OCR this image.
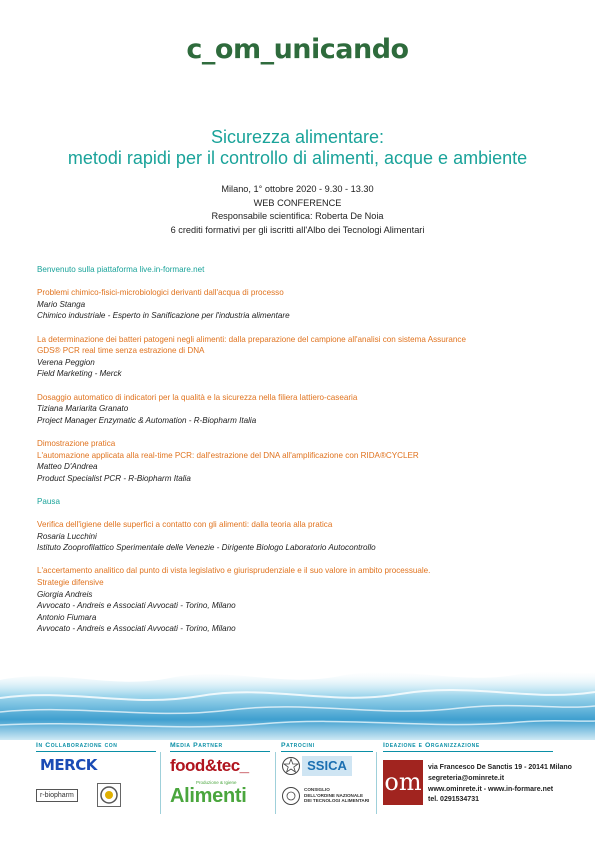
c_om_unicando
Sicurezza alimentare:
metodi rapidi per il controllo di alimenti, acque e ambiente
Milano, 1° ottobre 2020 - 9.30 - 13.30
WEB CONFERENCE
Responsabile scientifica: Roberta De Noia
6 crediti formativi per gli iscritti all'Albo dei Tecnologi Alimentari
Benvenuto sulla piattaforma live.in-formare.net
Problemi chimico-fisici-microbiologici derivanti dall'acqua di processo
Mario Stanga
Chimico industriale - Esperto in Sanificazione per l'industria alimentare
La determinazione dei batteri patogeni negli alimenti: dalla preparazione del campione all'analisi con sistema Assurance
GDS® PCR real time senza estrazione di DNA
Verena Peggion
Field Marketing - Merck
Dosaggio automatico di indicatori per la qualità e la sicurezza nella filiera lattiero-casearia
Tiziana Mariarita Granato
Project Manager Enzymatic & Automation - R-Biopharm Italia
Dimostrazione pratica
L'automazione applicata alla real-time PCR: dall'estrazione del DNA all'amplificazione con RIDA®CYCLER
Matteo D'Andrea
Product Specialist PCR - R-Biopharm Italia
Pausa
Verifica dell'igiene delle superfici a contatto con gli alimenti: dalla teoria alla pratica
Rosaria Lucchini
Istituto Zooprofilattico Sperimentale delle Venezie - Dirigente Biologo Laboratorio Autocontrollo
L'accertamento analitico dal punto di vista legislativo e giurisprudenziale e il suo valore in ambito processuale.
Strategie difensive
Giorgia Andreis
Avvocato - Andreis e Associati Avvocati - Torino, Milano
Antonio Fiumara
Avvocato - Andreis e Associati Avvocati - Torino, Milano
In Collaborazione con	Media Partner	Patrocini	Ideazione e Organizzazione
MERCK
r-biopharm
food&tec_
Produzione & Igiene
Alimenti
SSICA
CONSIGLIO
DELL'ORDINE NAZIONALE
DEI TECNOLOGI ALIMENTARI
om
via Francesco De Sanctis 19 - 20141 Milano
segreteria@ominrete.it
www.ominrete.it - www.in-formare.net
tel. 0291534731
